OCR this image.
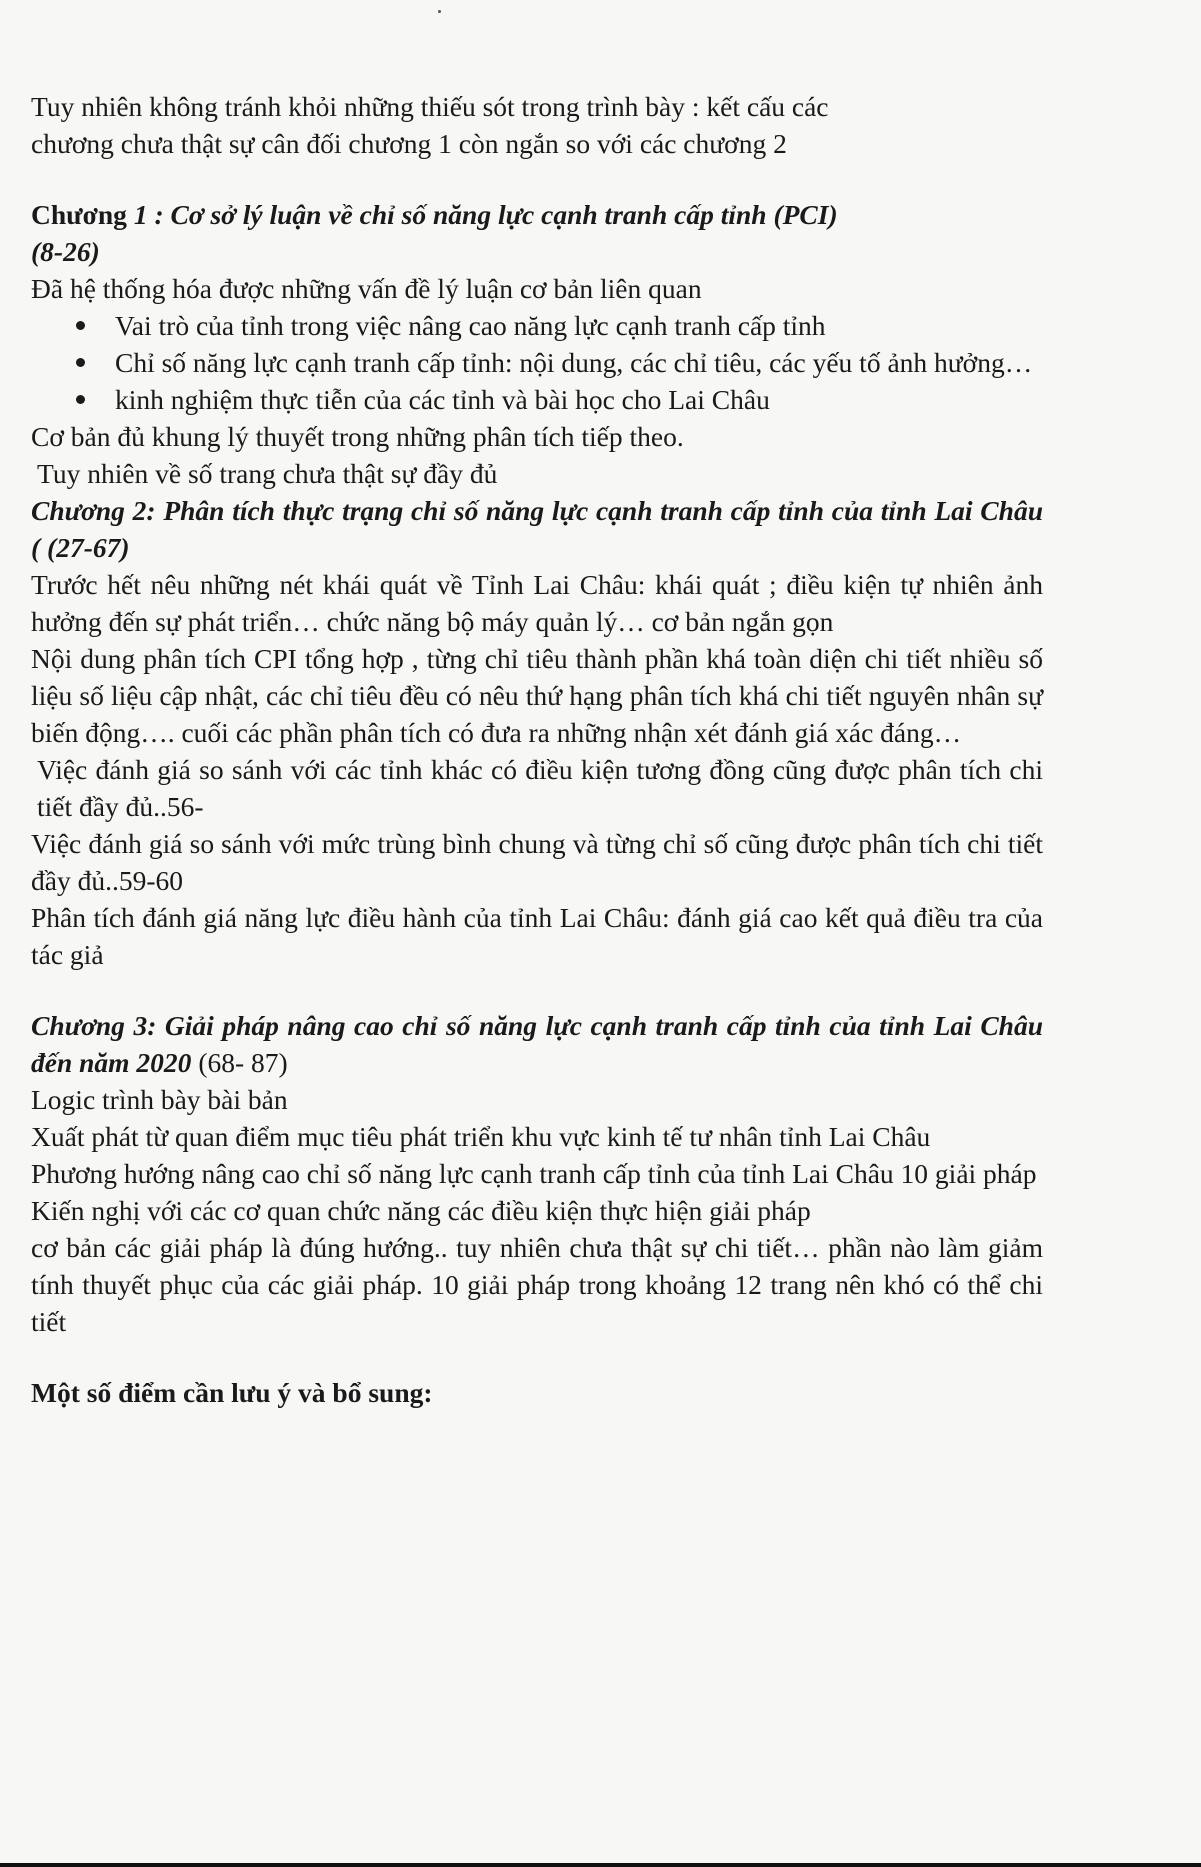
Tuy nhiên không tránh khỏi những thiếu sót trong trình bày : kết cấu các

chương chưa thật sự cân đối chương 1 còn ngắn so với các chương 2

Chương 1 : Cơ sở lý luận về chỉ số năng lực cạnh tranh cấp tỉnh (PCI)

(8-26)

Đã hệ thống hóa được những vấn đề lý luận cơ bản liên quan

Vai trò của tỉnh trong việc nâng cao năng lực cạnh tranh cấp tỉnh
Chỉ số năng lực cạnh tranh cấp tỉnh: nội dung, các chỉ tiêu, các yếu tố ảnh hưởng…
kinh nghiệm thực tiễn của các tỉnh và bài học cho Lai Châu

Cơ bản đủ khung lý thuyết trong những phân tích tiếp theo.

Tuy nhiên về số trang chưa thật sự đầy đủ

Chương 2: Phân tích thực trạng chỉ số năng lực cạnh tranh cấp tỉnh của tỉnh Lai Châu ( (27-67)

Trước hết nêu những nét khái quát về Tỉnh Lai Châu: khái quát ; điều kiện tự nhiên ảnh hưởng đến sự phát triển… chức năng bộ máy quản lý… cơ bản ngắn gọn

Nội dung phân tích CPI tổng hợp , từng chỉ tiêu thành phần khá toàn diện chi tiết nhiều số liệu số liệu cập nhật, các chỉ tiêu đều có nêu thứ hạng phân tích khá chi tiết nguyên nhân sự biến động…. cuối các phần phân tích có đưa ra những nhận xét đánh giá xác đáng…

Việc đánh giá so sánh với các tỉnh khác có điều kiện tương đồng cũng được phân tích chi tiết đầy đủ..56-

Việc đánh giá so sánh với mức trùng bình chung và từng chỉ số cũng được phân tích chi tiết đầy đủ..59-60

Phân tích đánh giá năng lực điều hành của tỉnh Lai Châu: đánh giá cao kết quả điều tra của tác giả

Chương 3: Giải pháp nâng cao chỉ số năng lực cạnh tranh cấp tỉnh của tỉnh Lai Châu đến năm 2020 (68- 87)

Logic trình bày bài bản

Xuất phát từ quan điểm mục tiêu phát triển khu vực kinh tế tư nhân tỉnh Lai Châu

Phương hướng nâng cao chỉ số năng lực cạnh tranh cấp tỉnh của tỉnh Lai Châu 10 giải pháp

Kiến nghị với các cơ quan chức năng các điều kiện thực hiện giải pháp

cơ bản các giải pháp là đúng hướng.. tuy nhiên chưa thật sự chi tiết… phần nào làm giảm tính thuyết phục của các giải pháp. 10 giải pháp trong khoảng 12 trang nên khó có thể chi tiết

Một số điểm cần lưu ý và bổ sung:
